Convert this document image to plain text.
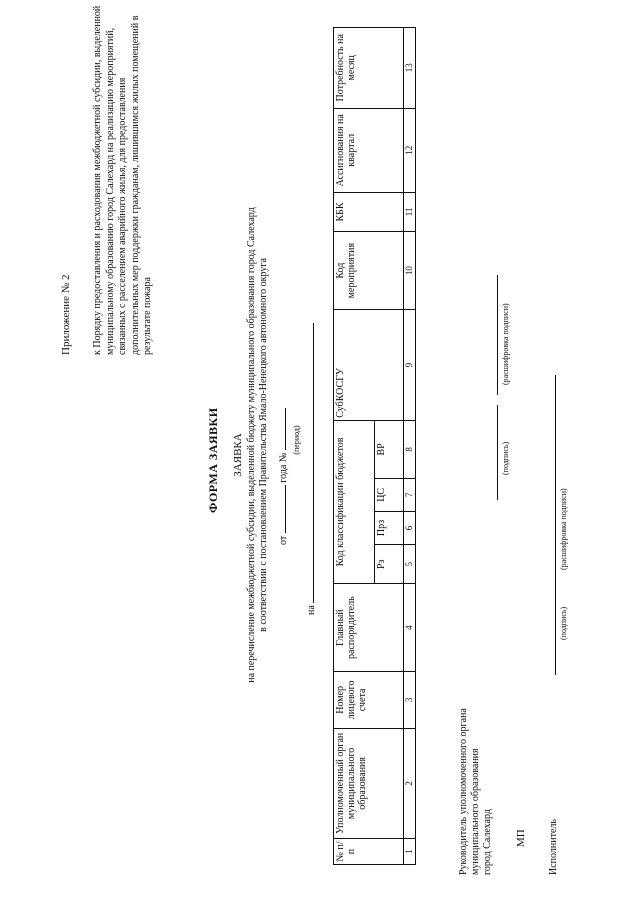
Приложение № 2 к Порядку предоставления и расходования межбюджетной субсидии, выделенной муниципальному образованию город Салехард на реализацию мероприятий, связанных с расселением аварийного жилья, для предоставления дополнительных мер поддержки гражданам, лишившимся жилых помещений в результате пожара
ФОРМА ЗАЯВКИ ЗАЯВКА на перечисление межбюджетной субсидии, выделенной бюджету муниципального образования город Салехард в соответствии с постановлением Правительства Ямало-Ненецкого автономного округа от  года №
на
(период)
№ п/п	Уполномоченный орган муниципального образования	Номер лицевого счета	Главный распорядитель	Код классификации бюджетов				СубКОСГУ	Код мероприятия	КБК	Ассигнования на квартал	Потребность на месяц
				Рз	Прз	ЦС	ВР					
1	2	3	4	5	6	7	8	9	10	11	12	13
Руководитель уполномоченного органа муниципального образования город Салехард
(подпись)
(расшифровка подписи)
МП Исполнитель
(подпись)
(расшифровка подписи)
